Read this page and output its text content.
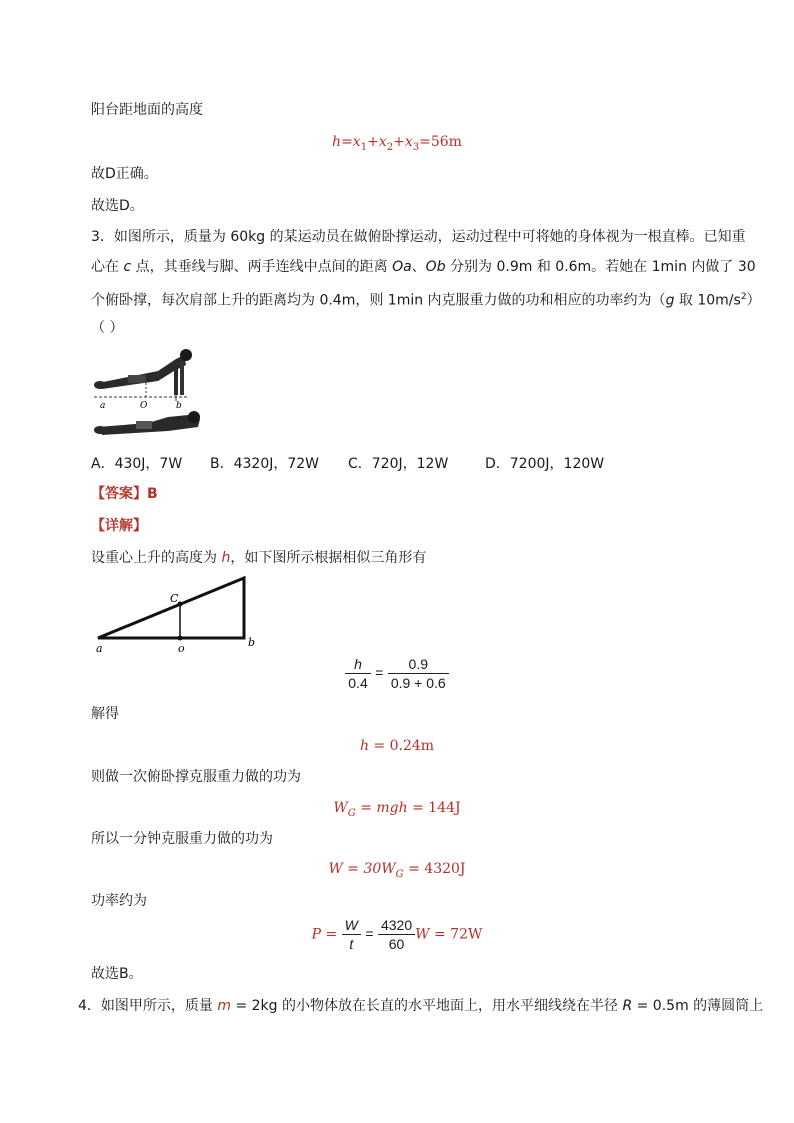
阳台距地面的高度
$h=x_1+x_2+x_3=56m$
故D正确。
故选D。
3．如图所示，质量为 60kg 的某运动员在做俯卧撑运动，运动过程中可将她的身体视为一根直棒。已知重
心在 c 点，其垂线与脚、两手连线中点间的距离 Oa、Ob 分别为 0.9m 和 0.6m。若她在 1min 内做了 30
个俯卧撑，每次肩部上升的距离均为 0.4m，则 1min 内克服重力做的功和相应的功率约为（g 取 $10m/s^2$）
（ ）
a	O	b
A．430J，7W B．4320J，72W C．720J，12W	D．7200J，120W
【答案】B
【详解】
设重心上升的高度为 h，如下图所示根据相似三角形有
a
C
o	b
$\frac{h}{0.4} = \frac{0.9}{0.9 + 0.6}$
解得
h = 0.24m
则做一次俯卧撑克服重力做的功为
$W_G$ = mgh = 144J
所以一分钟克服重力做的功为
$W = 30W_G = 4320J$
功率约为
$P = \frac{W}{t} = \frac{4320}{60}$ W = 72W
故选B。
4．如图甲所示，质量 m = 2kg 的小物体放在长直的水平地面上，用水平细线绕在半径 R = 0.5m 的薄圆筒上
